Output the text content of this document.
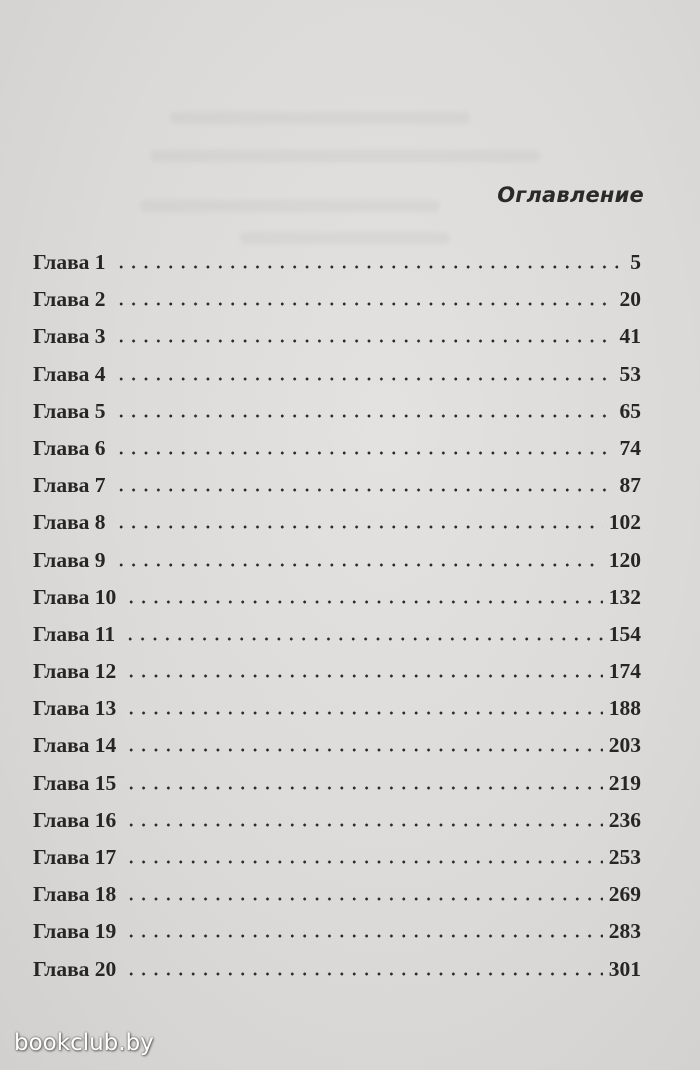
Оглавление
Глава 1	5
Глава 2	20
Глава 3	41
Глава 4	53
Глава 5	65
Глава 6	74
Глава 7	87
Глава 8	102
Глава 9	120
Глава 10	132
Глава 11	154
Глава 12	174
Глава 13	188
Глава 14	203
Глава 15	219
Глава 16	236
Глава 17	253
Глава 18	269
Глава 19	283
Глава 20	301
bookclub.by
